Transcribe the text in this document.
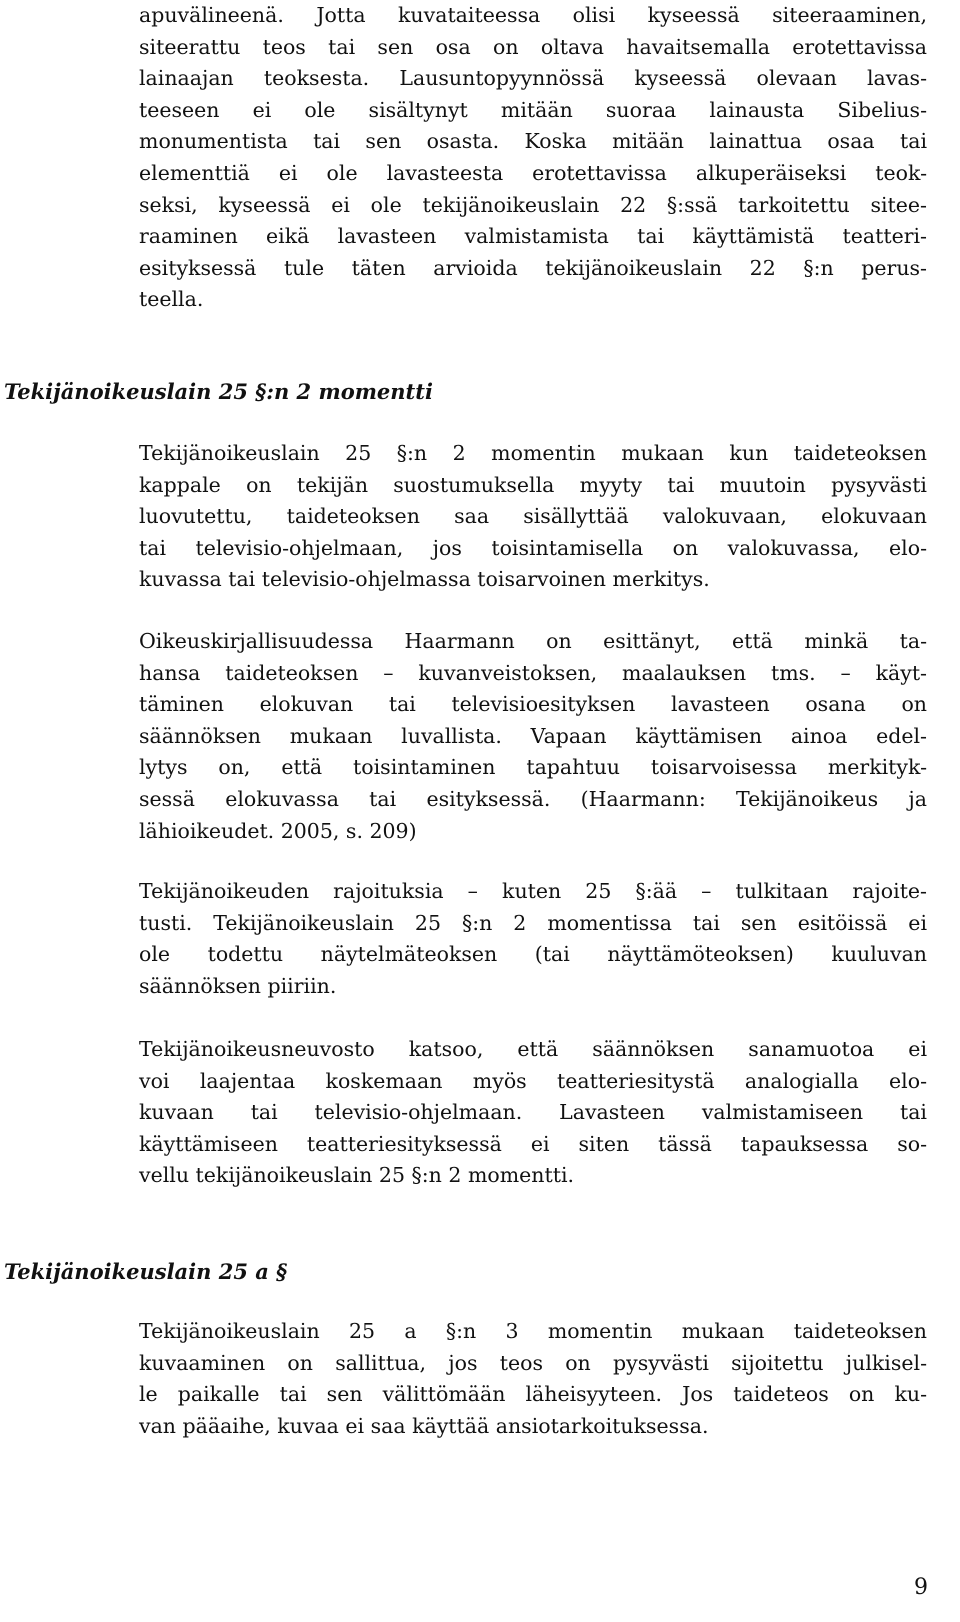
apuvälineenä. Jotta kuvataiteessa olisi kyseessä siteeraaminen,
siteerattu teos tai sen osa on oltava havaitsemalla erotettavissa
lainaajan teoksesta. Lausuntopyynnössä kyseessä olevaan lavas-
teeseen ei ole sisältynyt mitään suoraa lainausta Sibelius-
monumentista tai sen osasta. Koska mitään lainattua osaa tai
elementtiä ei ole lavasteesta erotettavissa alkuperäiseksi teok-
seksi, kyseessä ei ole tekijänoikeuslain 22 §:ssä tarkoitettu sitee-
raaminen eikä lavasteen valmistamista tai käyttämistä teatteri-
esityksessä tule täten arvioida tekijänoikeuslain 22 §:n perus-
teella.

Tekijänoikeuslain 25 §:n 2 momentti

Tekijänoikeuslain 25 §:n 2 momentin mukaan kun taideteoksen
kappale on tekijän suostumuksella myyty tai muutoin pysyvästi
luovutettu, taideteoksen saa sisällyttää valokuvaan, elokuvaan
tai televisio-ohjelmaan, jos toisintamisella on valokuvassa, elo-
kuvassa tai televisio-ohjelmassa toisarvoinen merkitys.

Oikeuskirjallisuudessa Haarmann on esittänyt, että minkä ta-
hansa taideteoksen – kuvanveistoksen, maalauksen tms. – käyt-
täminen elokuvan tai televisioesityksen lavasteen osana on
säännöksen mukaan luvallista. Vapaan käyttämisen ainoa edel-
lytys on, että toisintaminen tapahtuu toisarvoisessa merkityk-
sessä elokuvassa tai esityksessä. (Haarmann: Tekijänoikeus ja
lähioikeudet. 2005, s. 209)

Tekijänoikeuden rajoituksia – kuten 25 §:ää – tulkitaan rajoite-
tusti. Tekijänoikeuslain 25 §:n 2 momentissa tai sen esitöissä ei
ole todettu näytelmäteoksen (tai näyttämöteoksen) kuuluvan
säännöksen piiriin.

Tekijänoikeusneuvosto katsoo, että säännöksen sanamuotoa ei
voi laajentaa koskemaan myös teatteriesitystä analogialla elo-
kuvaan tai televisio-ohjelmaan. Lavasteen valmistamiseen tai
käyttämiseen teatteriesityksessä ei siten tässä tapauksessa so-
vellu tekijänoikeuslain 25 §:n 2 momentti.

Tekijänoikeuslain 25 a §

Tekijänoikeuslain 25 a §:n 3 momentin mukaan taideteoksen
kuvaaminen on sallittua, jos teos on pysyvästi sijoitettu julkisel-
le paikalle tai sen välittömään läheisyyteen. Jos taideteos on ku-
van pääaihe, kuvaa ei saa käyttää ansiotarkoituksessa.

9
